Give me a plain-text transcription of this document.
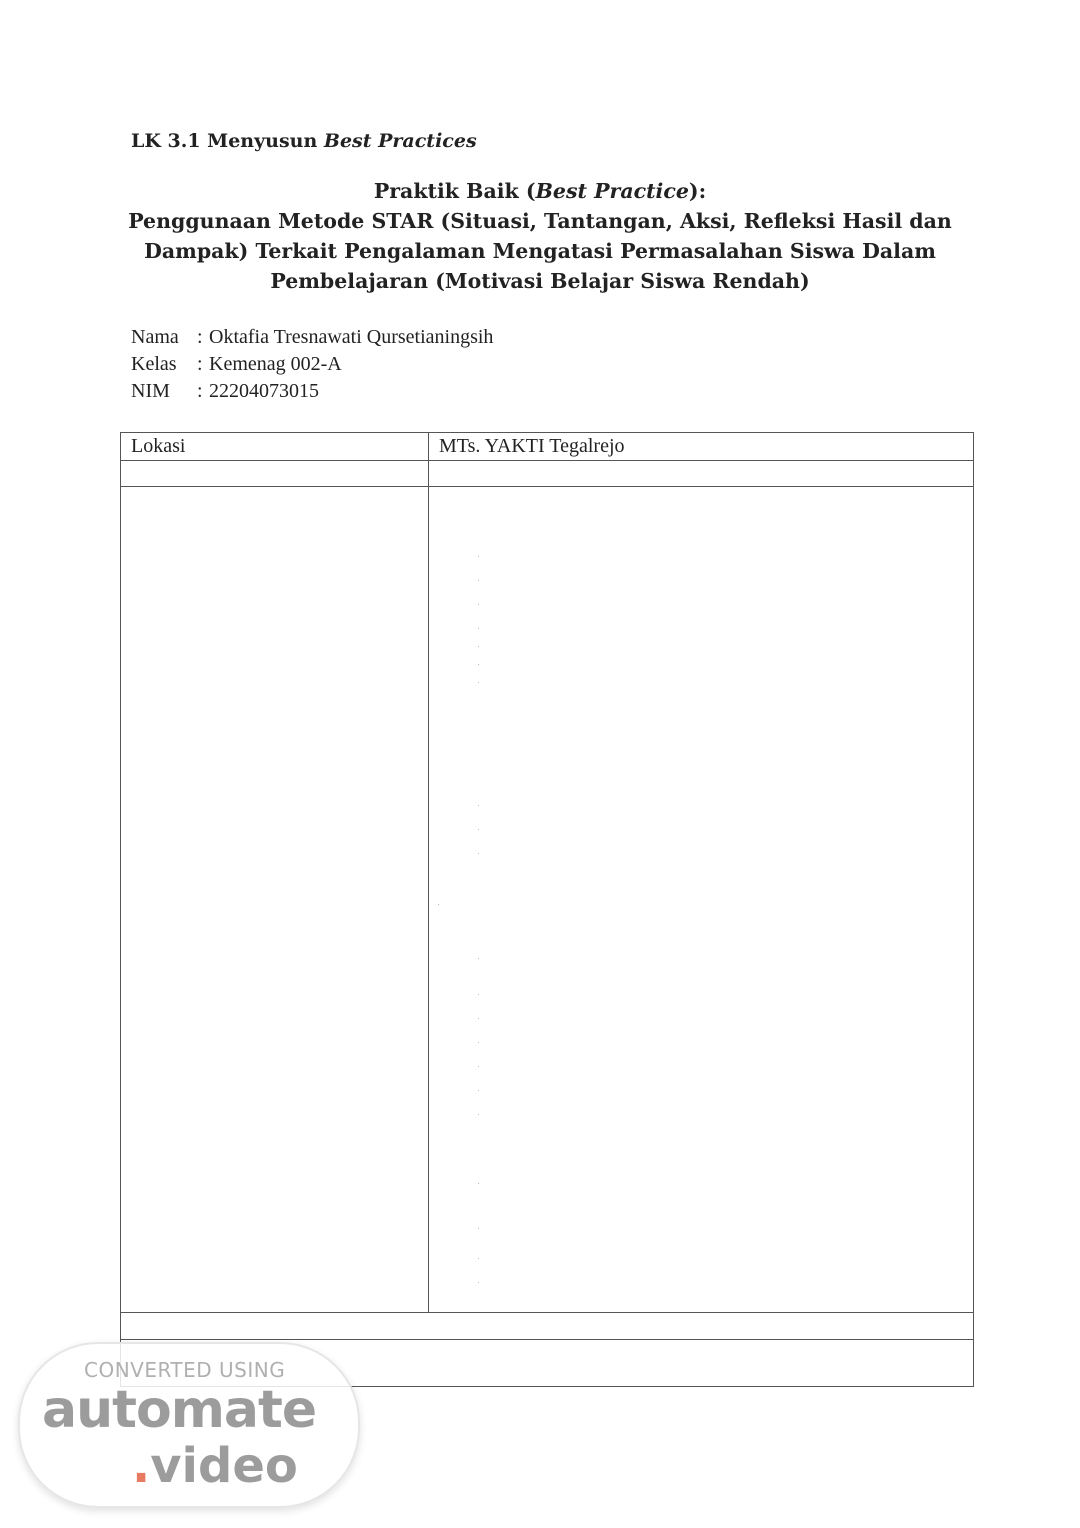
LK 3.1 Menyusun Best Practices
Praktik Baik (Best Practice):
Penggunaan Metode STAR (Situasi, Tantangan, Aksi, Refleksi Hasil dan
Dampak) Terkait Pengalaman Mengatasi Permasalahan Siswa Dalam
Pembelajaran (Motivasi Belajar Siswa Rendah)
Nama : Oktafia Tresnawati Qursetianingsih
Kelas	: Kemenag 002-A
NIM	: 22204073015
Lokasi	MTs. YAKTI Tegalrejo
CONVERTED USING
automate
.video
